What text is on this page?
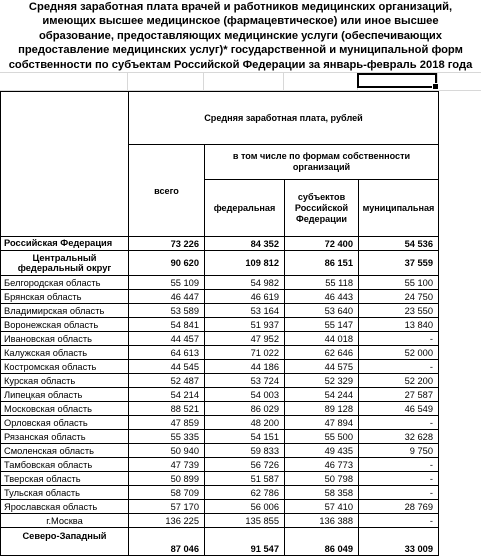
Средняя заработная плата врачей и работников медицинских организаций,
имеющих высшее медицинское (фармацевтическое) или иное высшее
образование, предоставляющих медицинские услуги (обеспечивающих
предоставление медицинских услуг)* государственной и муниципальной форм
собственности по субъектам Российской Федерации за январь-февраль 2018 года
	Средняя заработная плата, рублей			
	всего	в том числе по формам собственности организаций		
		федеральная	субъектов Российской Федерации	муниципальная
Российская Федерация	73 226	84 352	72 400	54 536
Центральный федеральный округ	90 620	109 812	86 151	37 559
Белгородская область	55 109	54 982	55 118	55 100
Брянская область	46 447	46 619	46 443	24 750
Владимирская область	53 589	53 164	53 640	23 550
Воронежская область	54 841	51 937	55 147	13 840
Ивановская область	44 457	47 952	44 018	-
Калужская область	64 613	71 022	62 646	52 000
Костромская область	44 545	44 186	44 575	-
Курская область	52 487	53 724	52 329	52 200
Липецкая область	54 214	54 003	54 244	27 587
Московская область	88 521	86 029	89 128	46 549
Орловская область	47 859	48 200	47 894	-
Рязанская область	55 335	54 151	55 500	32 628
Смоленская область	50 940	59 833	49 435	9 750
Тамбовская область	47 739	56 726	46 773	-
Тверская область	50 899	51 587	50 798	-
Тульская область	58 709	62 786	58 358	-
Ярославская область	57 170	56 006	57 410	28 769
г.Москва	136 225	135 855	136 388	-
Северо-Западный	87 046	91 547	86 049	33 009
